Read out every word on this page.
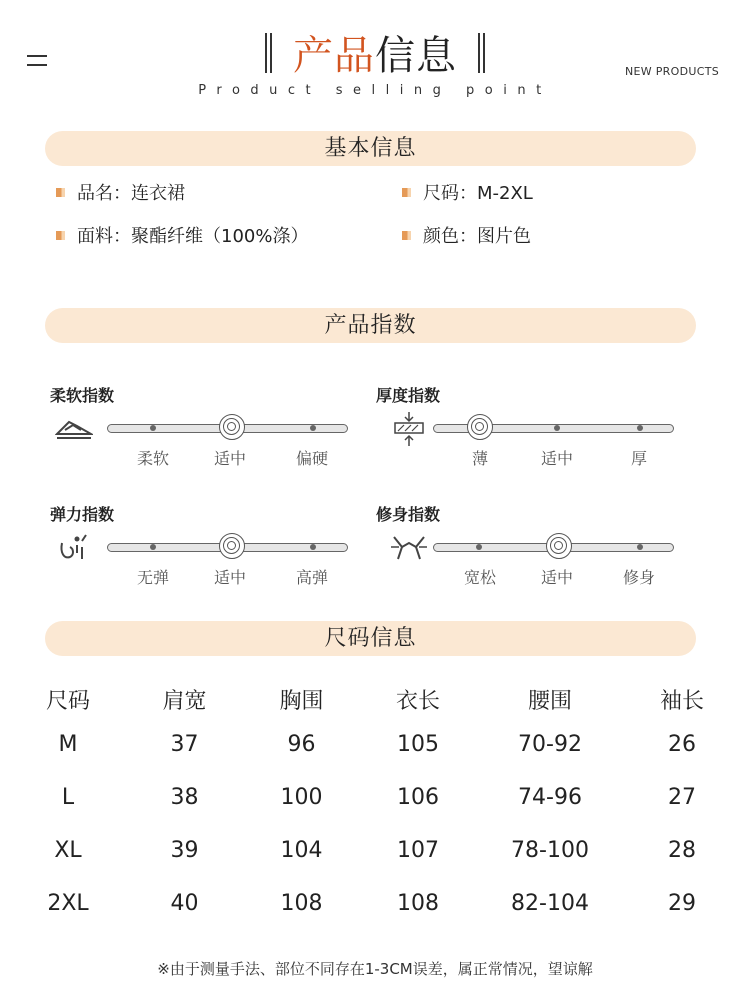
产品信息
Product selling point
NEW PRODUCTS
基本信息
品名：连衣裙	尺码：M-2XL
面料：聚酯纤维（100%涤）	颜色：图片色
产品指数
柔软指数
柔软	适中	偏硬
厚度指数
薄	适中	厚
弹力指数
无弹	适中	高弹
修身指数
宽松	适中	修身
尺码信息
尺码	肩宽	胸围	衣长	腰围	袖长
M	37	96	105	70-92	26
L	38	100	106	74-96	27
XL	39	104	107	78-100	28
2XL	40	108	108	82-104	29
※由于测量手法、部位不同存在1-3CM误差，属正常情况，望谅解
